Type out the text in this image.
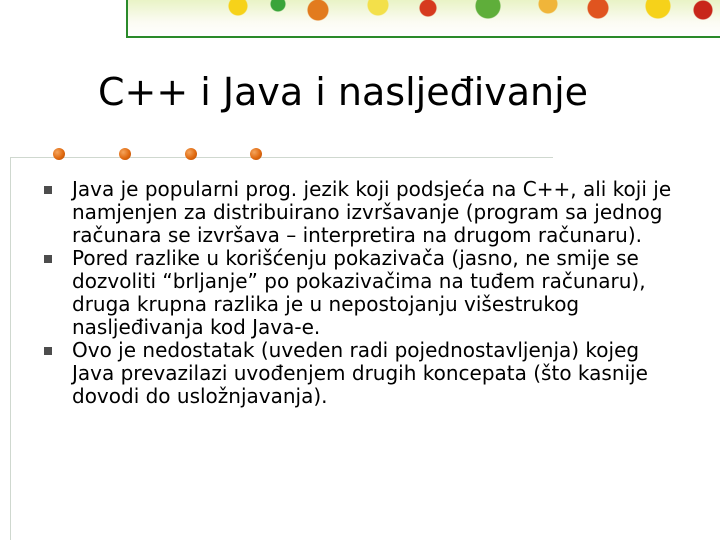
C++ i Java i nasljeđivanje
Java je popularni prog. jezik koji podsjeća na C++, ali koji je namjenjen za distribuirano izvršavanje (program sa jednog računara se izvršava – interpretira na drugom računaru).
Pored razlike u korišćenju pokazivača (jasno, ne smije se dozvoliti “brljanje” po pokazivačima na tuđem računaru), druga krupna razlika je u nepostojanju višestrukog nasljeđivanja kod Java-e.
Ovo je nedostatak (uveden radi pojednostavljenja) kojeg Java prevazilazi uvođenjem drugih koncepata (što kasnije dovodi do usložnjavanja).
